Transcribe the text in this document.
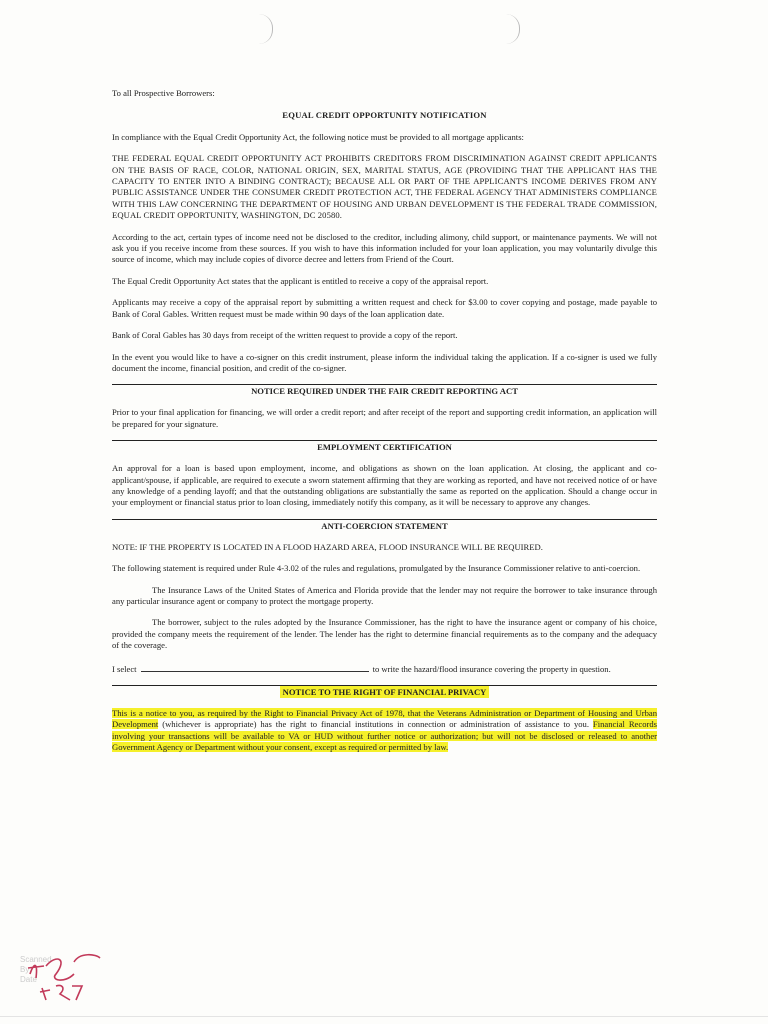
To all Prospective Borrowers:
EQUAL CREDIT OPPORTUNITY NOTIFICATION

In compliance with the Equal Credit Opportunity Act, the following notice must be provided to all mortgage applicants:

THE FEDERAL EQUAL CREDIT OPPORTUNITY ACT PROHIBITS CREDITORS FROM DISCRIMINATION AGAINST CREDIT APPLICANTS ON THE BASIS OF RACE, COLOR, NATIONAL ORIGIN, SEX, MARITAL STATUS, AGE (PROVIDING THAT THE APPLICANT HAS THE CAPACITY TO ENTER INTO A BINDING CONTRACT); BECAUSE ALL OR PART OF THE APPLICANT'S INCOME DERIVES FROM ANY PUBLIC ASSISTANCE UNDER THE CONSUMER CREDIT PROTECTION ACT, THE FEDERAL AGENCY THAT ADMINISTERS COMPLIANCE WITH THIS LAW CONCERNING THE DEPARTMENT OF HOUSING AND URBAN DEVELOPMENT IS THE FEDERAL TRADE COMMISSION, EQUAL CREDIT OPPORTUNITY, WASHINGTON, DC 20580.

According to the act, certain types of income need not be disclosed to the creditor, including alimony, child support, or maintenance payments. We will not ask you if you receive income from these sources. If you wish to have this information included for your loan application, you may voluntarily divulge this source of income, which may include copies of divorce decree and letters from Friend of the Court.

The Equal Credit Opportunity Act states that the applicant is entitled to receive a copy of the appraisal report.

Applicants may receive a copy of the appraisal report by submitting a written request and check for $3.00 to cover copying and postage, made payable to Bank of Coral Gables. Written request must be made within 90 days of the loan application date.

Bank of Coral Gables has 30 days from receipt of the written request to provide a copy of the report.

In the event you would like to have a co-signer on this credit instrument, please inform the individual taking the application. If a co-signer is used we fully document the income, financial position, and credit of the co-signer.

NOTICE REQUIRED UNDER THE FAIR CREDIT REPORTING ACT

Prior to your final application for financing, we will order a credit report; and after receipt of the report and supporting credit information, an application will be prepared for your signature.

EMPLOYMENT CERTIFICATION

An approval for a loan is based upon employment, income, and obligations as shown on the loan application. At closing, the applicant and co-applicant/spouse, if applicable, are required to execute a sworn statement affirming that they are working as reported, and have not received notice of or have any knowledge of a pending layoff; and that the outstanding obligations are substantially the same as reported on the application. Should a change occur in your employment or financial status prior to loan closing, immediately notify this company, as it will be necessary to approve any changes.

ANTI-COERCION STATEMENT

NOTE: IF THE PROPERTY IS LOCATED IN A FLOOD HAZARD AREA, FLOOD INSURANCE WILL BE REQUIRED.

The following statement is required under Rule 4-3.02 of the rules and regulations, promulgated by the Insurance Commissioner relative to anti-coercion.

The Insurance Laws of the United States of America and Florida provide that the lender may not require the borrower to take insurance through any particular insurance agent or company to protect the mortgage property.

The borrower, subject to the rules adopted by the Insurance Commissioner, has the right to have the insurance agent or company of his choice, provided the company meets the requirement of the lender. The lender has the right to determine financial requirements as to the company and the adequacy of the coverage.

I select	to write the hazard/flood insurance covering the property in question.
NOTICE TO THE RIGHT OF FINANCIAL PRIVACY

This is a notice to you, as required by the Right to Financial Privacy Act of 1978, that the Veterans Administration or Department of Housing and Urban Development (whichever is appropriate) has the right to financial institutions in connection or administration of assistance to you. Financial Records involving your transactions will be available to VA or HUD without further notice or authorization; but will not be disclosed or released to another Government Agency or Department without your consent, except as required or permitted by law.

Scanned
By
Date
